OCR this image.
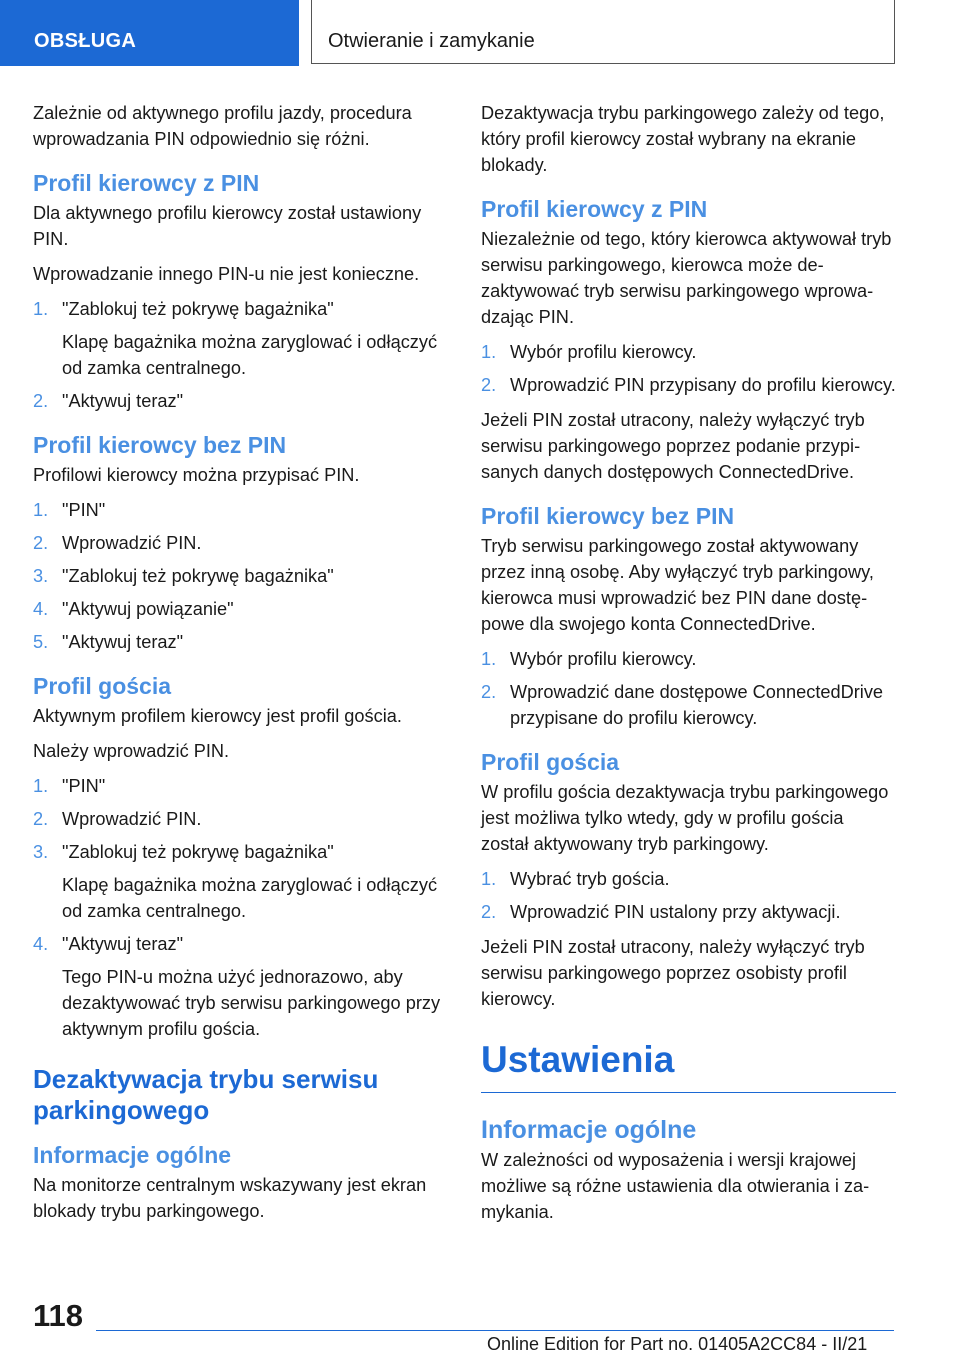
OBSŁUGA	Otwieranie i zamykanie

Zależnie od aktywnego profilu jazdy, procedura wprowadzania PIN odpowiednio się różni.

Profil kierowcy z PIN

Dla aktywnego profilu kierowcy został ustawiony PIN.

Wprowadzanie innego PIN-u nie jest konieczne.

1. "Zablokuj też pokrywę bagażnika"
Klapę bagażnika można zaryglować i odłączyć od zamka centralnego.
2. "Aktywuj teraz"
Profil kierowcy bez PIN

Profilowi kierowcy można przypisać PIN.

1. "PIN"
2. Wprowadzić PIN.
3. "Zablokuj też pokrywę bagażnika"
4. "Aktywuj powiązanie"
5. "Aktywuj teraz"
Profil gościa

Aktywnym profilem kierowcy jest profil gościa.

Należy wprowadzić PIN.

1. "PIN"
2. Wprowadzić PIN.
3. "Zablokuj też pokrywę bagażnika"
Klapę bagażnika można zaryglować i odłączyć od zamka centralnego.
4. "Aktywuj teraz"
Tego PIN-u można użyć jednorazowo, aby dezaktywować tryb serwisu parkingowego przy aktywnym profilu gościa.
Dezaktywacja trybu serwisu parkingowego
Informacje ogólne

Na monitorze centralnym wskazywany jest ekran blokady trybu parkingowego.

Dezaktywacja trybu parkingowego zależy od tego, który profil kierowcy został wybrany na ekranie blokady.

Profil kierowcy z PIN

Niezależnie od tego, który kierowca aktywował tryb serwisu parkingowego, kierowca może dezaktywować tryb serwisu parkingowego wprowadzając PIN.

1. Wybór profilu kierowcy.
2. Wprowadzić PIN przypisany do profilu kierowcy.

Jeżeli PIN został utracony, należy wyłączyć tryb serwisu parkingowego poprzez podanie przypisanych danych dostępowych ConnectedDrive.

Profil kierowcy bez PIN

Tryb serwisu parkingowego został aktywowany przez inną osobę. Aby wyłączyć tryb parkingowy, kierowca musi wprowadzić bez PIN dane dostępowe dla swojego konta ConnectedDrive.

1. Wybór profilu kierowcy.
2. Wprowadzić dane dostępowe ConnectedDrive przypisane do profilu kierowcy.
Profil gościa

W profilu gościa dezaktywacja trybu parkingowego jest możliwa tylko wtedy, gdy w profilu gościa został aktywowany tryb parkingowy.

1. Wybrać tryb gościa.
2. Wprowadzić PIN ustalony przy aktywacji.

Jeżeli PIN został utracony, należy wyłączyć tryb serwisu parkingowego poprzez osobisty profil kierowcy.

Ustawienia
Informacje ogólne

W zależności od wyposażenia i wersji krajowej możliwe są różne ustawienia dla otwierania i zamykania.

118
Online Edition for Part no. 01405A2CC84 - II/21
